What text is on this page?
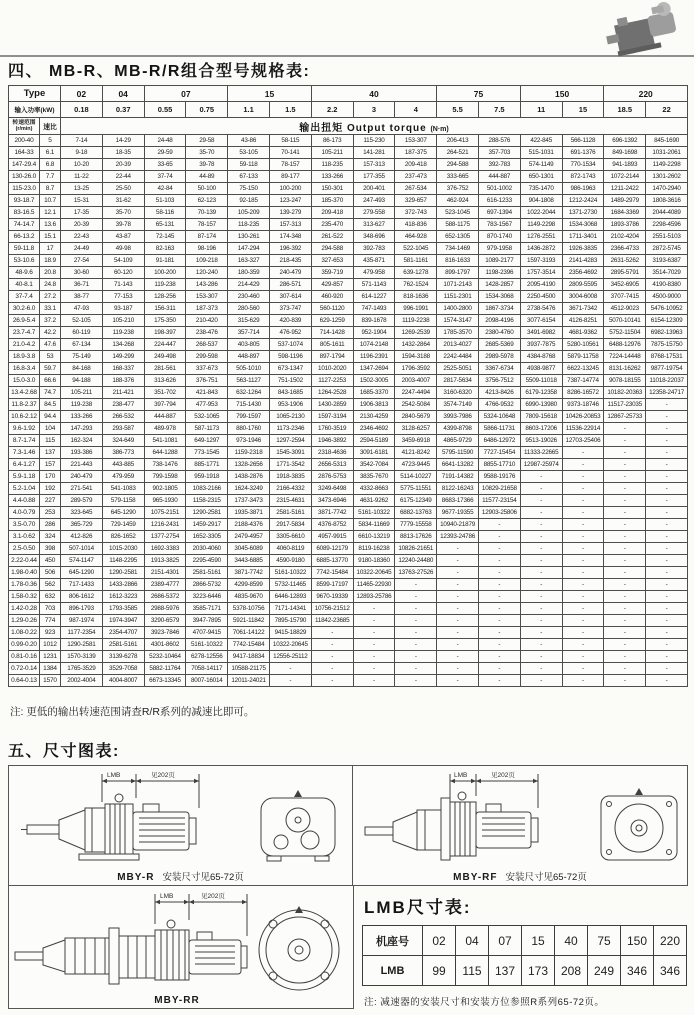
四、 MB-R、MB-R/R组合型号规格表:
Type		02	04	07		15		40			75		150		220	
输入功率(kW)		0.18	0.37	0.55	0.75	1.1	1.5	2.2	3	4	5.5	7.5	11	15	18.5	22

转速范围
(r/min)	速比	输出扭矩 Output torque (N·m)														
200-40	5	7-14	14-29	24-48	29-58	43-86	58-115	86-173	115-230	153-307	206-413	288-576	422-845	566-1128	696-1392	845-1690
164-33	6.1	9-18	18-35	29-59	35-70	53-105	70-141	105-211	141-281	187-375	264-521	357-703	515-1031	691-1376	849-1698	1031-2061
147-29.4	6.8	10-20	20-39	33-65	39-78	59-118	78-157	118-235	157-313	209-418	294-588	392-783	574-1149	770-1534	941-1893	1149-2298
130-26.0	7.7	11-22	22-44	37-74	44-89	67-133	89-177	133-266	177-355	237-473	333-665	444-887	650-1301	872-1743	1072-2144	1301-2602
115-23.0	8.7	13-25	25-50	42-84	50-100	75-150	100-200	150-301	200-401	267-534	376-752	501-1002	735-1470	986-1963	1211-2422	1470-2940
93-18.7	10.7	15-31	31-62	51-103	62-123	92-185	123-247	185-370	247-493	329-657	462-924	616-1233	904-1808	1212-2424	1489-2979	1808-3616
83-16.5	12.1	17-35	35-70	58-116	70-139	105-209	139-279	209-418	279-558	372-743	523-1045	697-1394	1022-2044	1371-2730	1684-3369	2044-4089
74-14.7	13.6	20-39	39-78	65-131	78-157	118-235	157-313	235-470	313-627	418-836	588-1175	783-1567	1149-2298	1534-3068	1893-3786	2298-4596
66-13.2	15.1	22-43	43-87	72-145	87-174	130-261	174-348	261-522	348-696	464-928	652-1305	870-1740	1276-2551	1711-3401	2102-4204	2551-5103
59-11.8	17	24-49	49-98	82-163	98-196	147-294	196-392	294-588	392-783	522-1045	734-1469	979-1958	1436-2872	1926-3835	2366-4733	2872-5745
53-10.6	18.9	27-54	54-109	91-181	109-218	163-327	218-435	327-653	435-871	581-1161	816-1633	1089-2177	1597-3193	2141-4283	2631-5262	3193-6387
48-9.6	20.8	30-60	60-120	100-200	120-240	180-359	240-479	359-719	479-958	639-1278	899-1797	1198-2396	1757-3514	2356-4692	2895-5791	3514-7029
40-8.1	24.8	36-71	71-143	119-238	143-286	214-429	286-571	429-857	571-1143	762-1524	1071-2143	1428-2857	2095-4190	2809-5595	3452-6905	4190-8380
37-7.4	27.2	38-77	77-153	128-256	153-307	230-460	307-614	460-920	614-1227	818-1636	1151-2301	1534-3068	2250-4500	3004-6008	3707-7415	4500-9000
30.2-6.0	33.1	47-93	93-187	156-311	187-373	280-560	373-747	560-1120	747-1493	996-1991	1400-2800	1867-3734	2738-5476	3671-7342	4512-9023	5476-10952
26.9-5.4	37.2	52-105	105-210	175-350	210-420	315-629	420-839	629-1259	839-1678	1119-2238	1574-3147	2098-4196	3077-6154	4126-8251	5070-10141	6154-12309
23.7-4.7	42.2	60-119	119-238	198-397	238-476	357-714	476-952	714-1428	952-1904	1269-2539	1785-3570	2380-4760	3491-6982	4681-9362	5752-11504	6982-13963
21.0-4.2	47.6	67-134	134-268	224-447	268-537	403-805	537-1074	805-1611	1074-2148	1432-2864	2013-4027	2685-5369	3937-7875	5280-10561	6488-12976	7875-15750
18.9-3.8	53	75-149	149-299	249-498	299-598	448-897	598-1196	897-1794	1196-2391	1594-3188	2242-4484	2989-5978	4384-8768	5879-11758	7224-14448	8768-17531
16.8-3.4	59.7	84-168	168-337	281-561	337-673	505-1010	673-1347	1010-2020	1347-2694	1796-3592	2525-5051	3367-6734	4938-9877	6622-13245	8131-16262	9877-19754
15.0-3.0	66.6	94-188	188-376	313-626	376-751	563-1127	751-1502	1127-2253	1502-3005	2003-4007	2817-5634	3756-7512	5509-11018	7387-14774	9078-18155	11018-22037
13.4-2.68	74.7	105-211	211-421	351-702	421-843	632-1264	843-1685	1264-2528	1685-3370	2247-4494	3160-6320	4213-8426	6179-12358	8286-16572	10182-20363	12358-24717
11.8-2.37	84.5	119-238	238-477	397-794	477-953	715-1430	953-1906	1430-2859	1906-3813	2542-5084	3574-7149	4766-9532	6990-13980	9373-18746	11517-23035	-
10.6-2.12	94.4	133-266	266-532	444-887	532-1065	799-1597	1065-2130	1597-3194	2130-4259	2840-5679	3993-7986	5324-10648	7809-15618	10426-20853	12867-25733	-
9.6-1.92	104	147-293	293-587	489-978	587-1173	880-1760	1173-2346	1760-3519	2346-4692	3128-6257	4399-8798	5866-11731	8603-17206	11536-22914	-	-
8.7-1.74	115	162-324	324-649	541-1081	649-1297	973-1946	1297-2594	1946-3892	2594-5189	3459-6918	4865-9729	6486-12972	9513-19026	12703-25406	-	-
7.3-1.46	137	193-386	386-773	644-1288	773-1545	1159-2318	1545-3091	2318-4636	3091-6181	4121-8242	5795-11590	7727-15454	11333-22665	-	-	-
6.4-1.27	157	221-443	443-885	738-1476	885-1771	1328-2656	1771-3542	2656-5313	3542-7084	4723-9445	6641-13282	8855-17710	12987-25974	-	-	-
5.9-1.18	170	240-479	479-959	799-1598	959-1918	1438-2876	1918-3835	2876-5753	3835-7670	5114-10227	7191-14382	9588-19176	-	-	-	-
5.2-1.04	192	271-541	541-1083	902-1805	1083-2166	1624-3249	2166-4332	3249-6498	4332-8663	5775-11551	8122-16243	10829-21658	-	-	-	-
4.4-0.88	227	289-579	579-1158	965-1930	1158-2315	1737-3473	2315-4631	3473-6946	4631-9262	6175-12349	8683-17366	11577-23154	-	-	-	-
4.0-0.79	253	323-645	645-1290	1075-2151	1290-2581	1935-3871	2581-5161	3871-7742	5161-10322	6882-13763	9677-19355	12903-25806	-	-	-	-
3.5-0.70	286	365-729	729-1459	1216-2431	1459-2917	2188-4376	2917-5834	4376-8752	5834-11669	7779-15558	10940-21879	-	-	-	-	-
3.1-0.62	324	412-826	826-1652	1377-2754	1652-3305	2479-4957	3305-6610	4957-9915	6610-13219	8813-17626	12393-24786	-	-	-	-	-
2.5-0.50	398	507-1014	1015-2030	1692-3383	2030-4060	3045-6089	4060-8119	6089-12179	8119-16238	10826-21651	-	-	-	-	-	-
2.22-0.44	450	574-1147	1148-2295	1913-3825	2295-4590	3443-6885	4590-9180	6885-13770	9180-18360	12240-24480	-	-	-	-	-	-
1.98-0.40	506	645-1290	1290-2581	2151-4301	2581-5161	3871-7742	5161-10322	7742-15484	10322-20645	13763-27526	-	-	-	-	-	-
1.78-0.36	562	717-1433	1433-2866	2389-4777	2866-5732	4299-8599	5732-11465	8599-17197	11465-22930	-	-	-	-	-	-	-
1.58-0.32	632	806-1612	1612-3223	2686-5372	3223-6446	4835-9670	6446-12893	9670-19339	12893-25786	-	-	-	-	-	-	-
1.42-0.28	703	896-1793	1793-3585	2988-5976	3585-7171	5378-10756	7171-14341	10756-21512	-	-	-	-	-	-	-	-
1.29-0.26	774	987-1974	1974-3947	3290-6579	3947-7895	5921-11842	7895-15790	11842-23685	-	-	-	-	-	-	-	-
1.08-0.22	923	1177-2354	2354-4707	3923-7846	4707-9415	7061-14122	9415-18829	-	-	-	-	-	-	-	-	-
0.99-0.20	1012	1290-2581	2581-5161	4301-8602	5161-10322	7742-15484	10322-20645	-	-	-	-	-	-	-	-	-
0.81-0.16	1231	1570-3139	3139-6278	5232-10464	6278-12556	9417-18834	12556-25112	-	-	-	-	-	-	-	-	-
0.72-0.14	1384	1765-3529	3529-7058	5882-11764	7058-14117	10588-21175	-	-	-	-	-	-	-	-	-	-
0.64-0.13	1570	2002-4004	4004-8007	6673-13345	8007-16014	12011-24021	-	-	-	-	-	-	-	-	-	-
注: 更低的输出转速范围请查R/R系列的减速比即可。
五、尺寸图表:
LMB	见202页
MBY-R 安装尺寸见65-72页
LMB	见202页
MBY-RF 安装尺寸见65-72页
LMB	见202页
MBY-RR
LMB尺寸表:
机座号	02	04	07	15	40	75	150	220
LMB	99	115	137	173	208	249	346	346
注: 减速器的安装尺寸和安装方位参照R系列65-72页。
